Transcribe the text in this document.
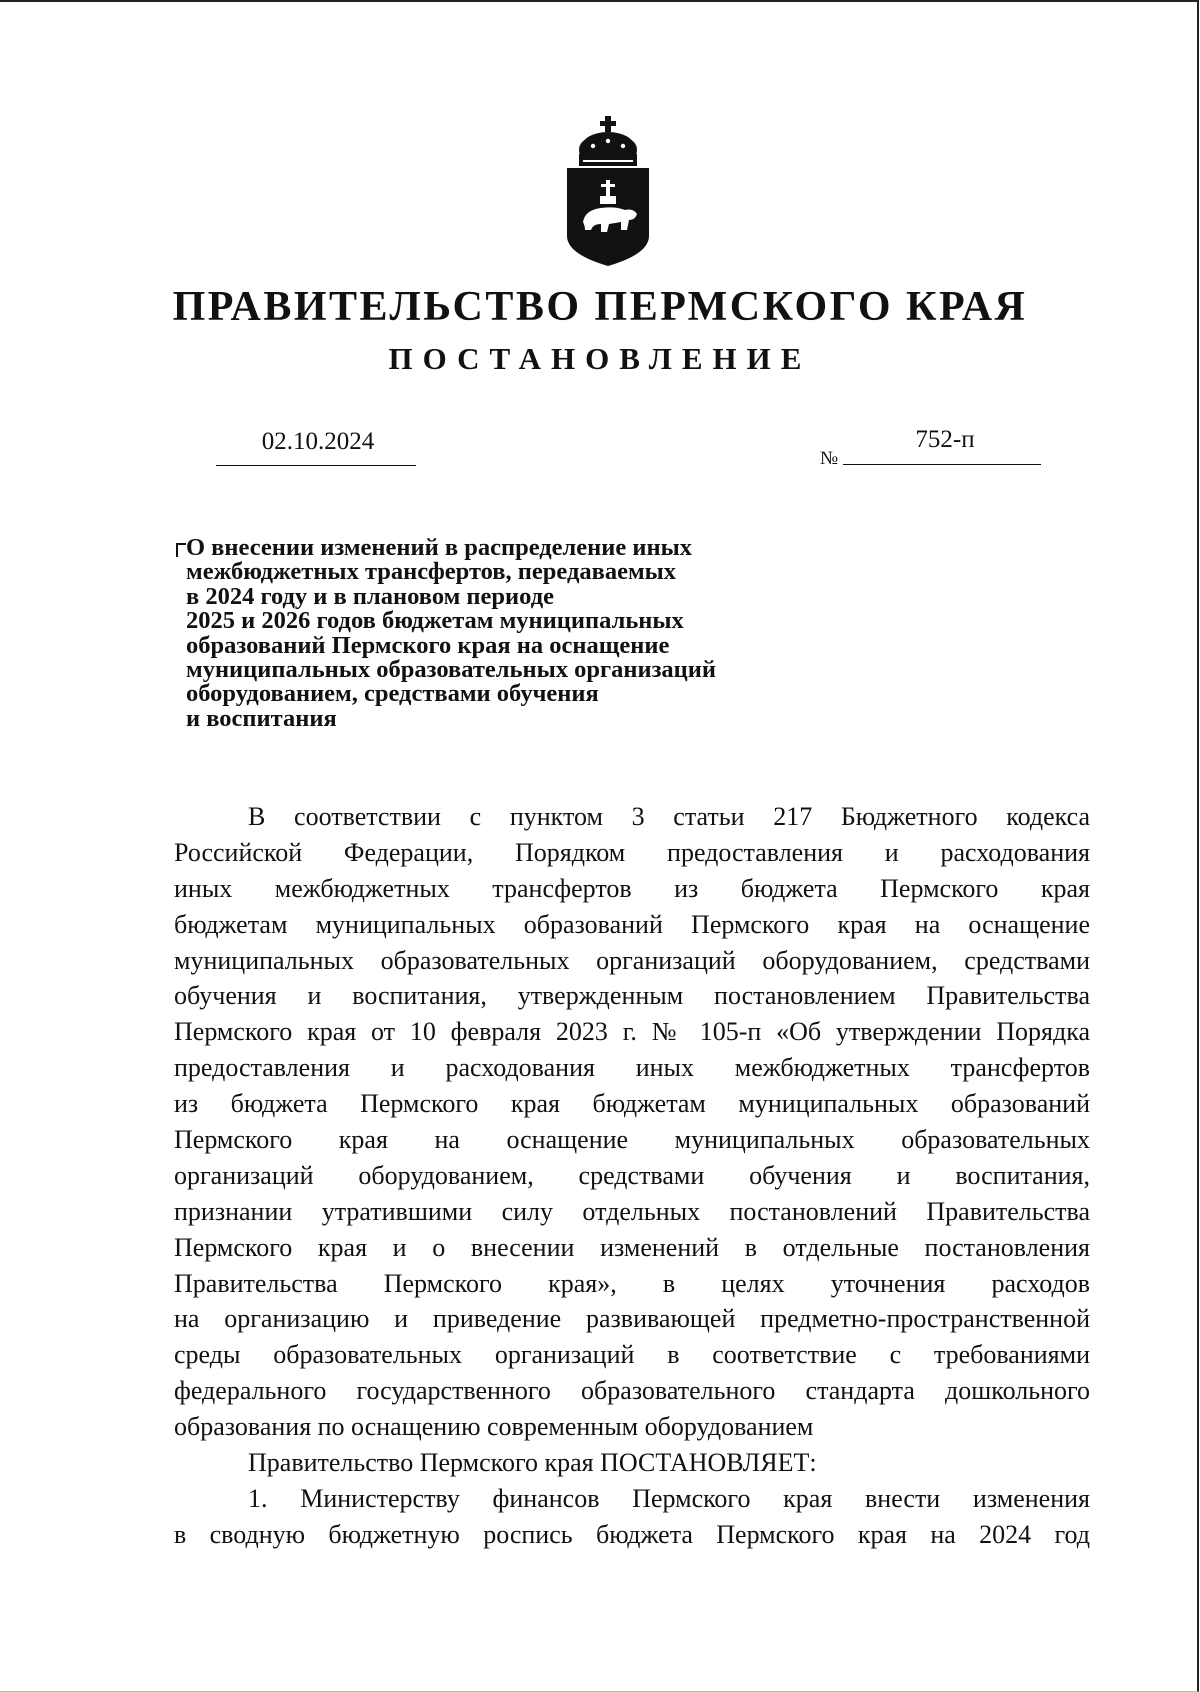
ПРАВИТЕЛЬСТВО ПЕРМСКОГО КРАЯ
ПОСТАНОВЛЕНИЕ
02.10.2024
№
752-п
О внесении изменений в распределение иных
межбюджетных трансфертов, передаваемых
в 2024 году и в плановом периоде
2025 и 2026 годов бюджетам муниципальных
образований Пермского края на оснащение
муниципальных образовательных организаций
оборудованием, средствами обучения
и воспитания
В соответствии с пунктом 3 статьи 217 Бюджетного кодекса
Российской Федерации, Порядком предоставления и расходования
иных межбюджетных трансфертов из бюджета Пермского края
бюджетам муниципальных образований Пермского края на оснащение
муниципальных образовательных организаций оборудованием, средствами
обучения и воспитания, утвержденным постановлением Правительства
Пермского края от 10 февраля 2023 г. № 105-п «Об утверждении Порядка
предоставления и расходования иных межбюджетных трансфертов
из бюджета Пермского края бюджетам муниципальных образований
Пермского края на оснащение муниципальных образовательных
организаций оборудованием, средствами обучения и воспитания,
признании утратившими силу отдельных постановлений Правительства
Пермского края и о внесении изменений в отдельные постановления
Правительства Пермского края», в целях уточнения расходов
на организацию и приведение развивающей предметно-пространственной
среды образовательных организаций в соответствие с требованиями
федерального государственного образовательного стандарта дошкольного
образования по оснащению современным оборудованием
Правительство Пермского края ПОСТАНОВЛЯЕТ:
1. Министерству финансов Пермского края внести изменения
в сводную бюджетную роспись бюджета Пермского края на 2024 год
